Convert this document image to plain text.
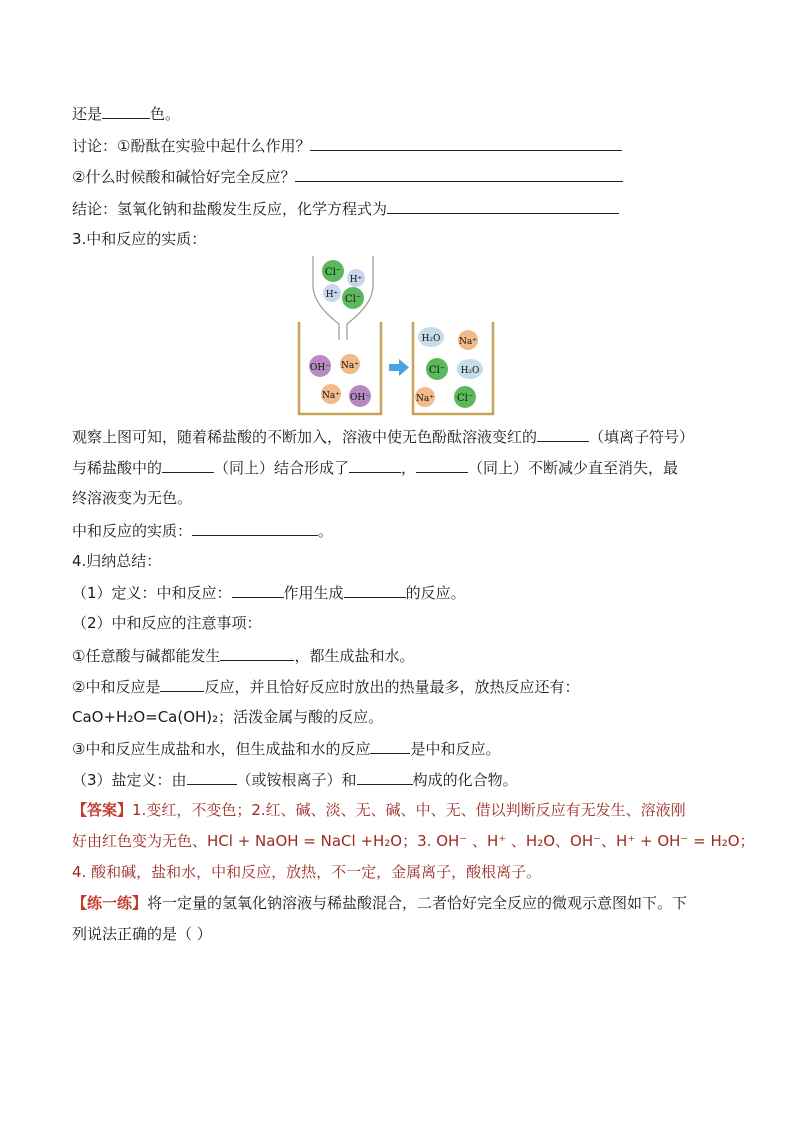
还是	色。
讨论：①酚酞在实验中起什么作用？
②什么时候酸和碱恰好完全反应？
结论：氢氧化钠和盐酸发生反应，化学方程式为
3.中和反应的实质：
Cl⁻
H⁺
H⁺ Cl⁻
OH⁻ Na⁺
Na⁺ OH⁻
H₂O Na⁺
Cl⁻ H₂O
Na⁺ Cl⁻
观察上图可知，随着稀盐酸的不断加入，溶液中使无色酚酞溶液变红的	（填离子符号）
与稀盐酸中的	（同上）结合形成了	，	（同上）不断减少直至消失，最
终溶液变为无色。
中和反应的实质：	。
4.归纳总结：
（1）定义：中和反应：	作用生成	的反应。
（2）中和反应的注意事项：
①任意酸与碱都能发生	，都生成盐和水。
②中和反应是	反应，并且恰好反应时放出的热量最多，放热反应还有：
CaO+H₂O=Ca(OH)₂；活泼金属与酸的反应。
③中和反应生成盐和水，但生成盐和水的反应	是中和反应。
（3）盐定义：由	（或铵根离子）和	构成的化合物。
【答案】1.变红，不变色；2.红、碱、淡、无、碱、中、无、借以判断反应有无发生、溶液刚
好由红色变为无色、HCl + NaOH = NaCl +H₂O；3. OH⁻ 、H⁺ 、H₂O、OH⁻、H⁺ + OH⁻ = H₂O；
4. 酸和碱，盐和水，中和反应，放热，不一定，金属离子，酸根离子。
【练一练】将一定量的氢氧化钠溶液与稀盐酸混合，二者恰好完全反应的微观示意图如下。下
列说法正确的是（ ）
